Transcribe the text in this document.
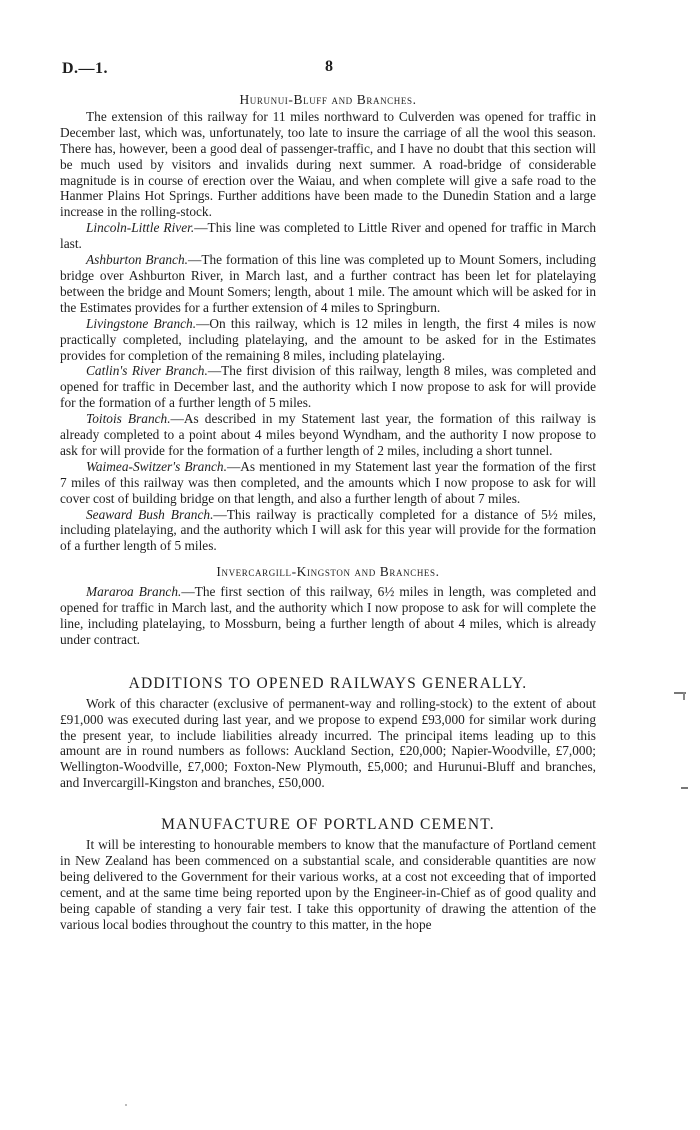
D.—1.	8
Hurunui-Bluff and Branches.

The extension of this railway for 11 miles northward to Culverden was opened for traffic in December last, which was, unfortunately, too late to insure the carriage of all the wool this season. There has, however, been a good deal of passenger-traffic, and I have no doubt that this section will be much used by visitors and invalids during next summer. A road-bridge of considerable magnitude is in course of erection over the Waiau, and when complete will give a safe road to the Hanmer Plains Hot Springs. Further additions have been made to the Dunedin Station and a large increase in the rolling-stock.

Lincoln-Little River.—This line was completed to Little River and opened for traffic in March last.

Ashburton Branch.—The formation of this line was completed up to Mount Somers, including bridge over Ashburton River, in March last, and a further contract has been let for platelaying between the bridge and Mount Somers; length, about 1 mile. The amount which will be asked for in the Estimates provides for a further extension of 4 miles to Springburn.

Livingstone Branch.—On this railway, which is 12 miles in length, the first 4 miles is now practically completed, including platelaying, and the amount to be asked for in the Estimates provides for completion of the remaining 8 miles, including platelaying.

Catlin's River Branch.—The first division of this railway, length 8 miles, was completed and opened for traffic in December last, and the authority which I now propose to ask for will provide for the formation of a further length of 5 miles.

Toitois Branch.—As described in my Statement last year, the formation of this railway is already completed to a point about 4 miles beyond Wyndham, and the authority I now propose to ask for will provide for the formation of a further length of 2 miles, including a short tunnel.

Waimea-Switzer's Branch.—As mentioned in my Statement last year the formation of the first 7 miles of this railway was then completed, and the amounts which I now propose to ask for will cover cost of building bridge on that length, and also a further length of about 7 miles.

Seaward Bush Branch.—This railway is practically completed for a distance of 5½ miles, including platelaying, and the authority which I will ask for this year will provide for the formation of a further length of 5 miles.

Invercargill-Kingston and Branches.

Mararoa Branch.—The first section of this railway, 6½ miles in length, was completed and opened for traffic in March last, and the authority which I now propose to ask for will complete the line, including platelaying, to Mossburn, being a further length of about 4 miles, which is already under contract.

ADDITIONS TO OPENED RAILWAYS GENERALLY.

Work of this character (exclusive of permanent-way and rolling-stock) to the extent of about £91,000 was executed during last year, and we propose to expend £93,000 for similar work during the present year, to include liabilities already incurred. The principal items leading up to this amount are in round numbers as follows: Auckland Section, £20,000; Napier-Woodville, £7,000; Wellington-Woodville, £7,000; Foxton-New Plymouth, £5,000; and Hurunui-Bluff and branches, and Invercargill-Kingston and branches, £50,000.

MANUFACTURE OF PORTLAND CEMENT.

It will be interesting to honourable members to know that the manufacture of Portland cement in New Zealand has been commenced on a substantial scale, and considerable quantities are now being delivered to the Government for their various works, at a cost not exceeding that of imported cement, and at the same time being reported upon by the Engineer-in-Chief as of good quality and being capable of standing a very fair test. I take this opportunity of drawing the attention of the various local bodies throughout the country to this matter, in the hope
